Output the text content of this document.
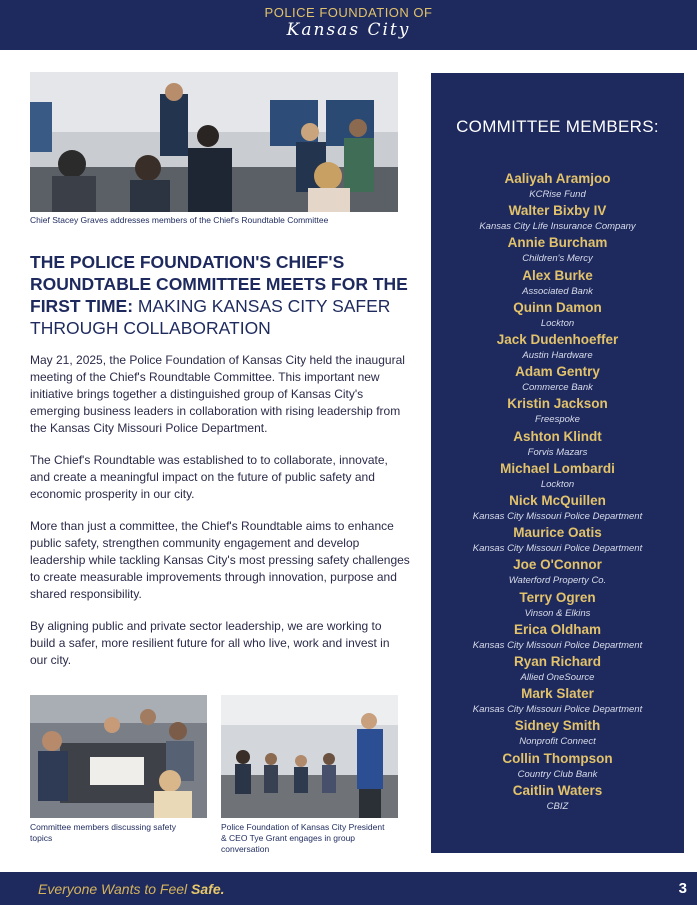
POLICE FOUNDATION OF
Kansas City
Chief Stacey Graves addresses members of the Chief's Roundtable Committee
THE POLICE FOUNDATION'S CHIEF'S ROUNDTABLE COMMITTEE MEETS FOR THE FIRST TIME: MAKING KANSAS CITY SAFER THROUGH COLLABORATION

May 21, 2025, the Police Foundation of Kansas City held the inaugural meeting of the Chief's Roundtable Committee. This important new initiative brings together a distinguished group of Kansas City's emerging business leaders in collaboration with rising leadership from the Kansas City Missouri Police Department.

The Chief's Roundtable was established to to collaborate, innovate, and create a meaningful impact on the future of public safety and economic prosperity in our city.

More than just a committee, the Chief's Roundtable aims to enhance public safety, strengthen community engagement and develop leadership while tackling Kansas City's most pressing safety challenges to create measurable improvements through innovation, purpose and shared responsibility.

By aligning public and private sector leadership, we are working to build a safer, more resilient future for all who live, work and invest in our city.

Committee members discussing safety topics
Police Foundation of Kansas City President & CEO Tye Grant engages in group conversation
COMMITTEE MEMBERS:
Aaliyah Aramjoo
KCRise Fund
Walter Bixby IV
Kansas City Life Insurance Company
Annie Burcham
Children's Mercy
Alex Burke
Associated Bank
Quinn Damon
Lockton
Jack Dudenhoeffer
Austin Hardware
Adam Gentry
Commerce Bank
Kristin Jackson
Freespoke
Ashton Klindt
Forvis Mazars
Michael Lombardi
Lockton
Nick McQuillen
Kansas City Missouri Police Department
Maurice Oatis
Kansas City Missouri Police Department
Joe O'Connor
Waterford Property Co.
Terry Ogren
Vinson & Elkins
Erica Oldham
Kansas City Missouri Police Department
Ryan Richard
Allied OneSource
Mark Slater
Kansas City Missouri Police Department
Sidney Smith
Nonprofit Connect
Collin Thompson
Country Club Bank
Caitlin Waters
CBIZ
Everyone Wants to Feel Safe.	3
